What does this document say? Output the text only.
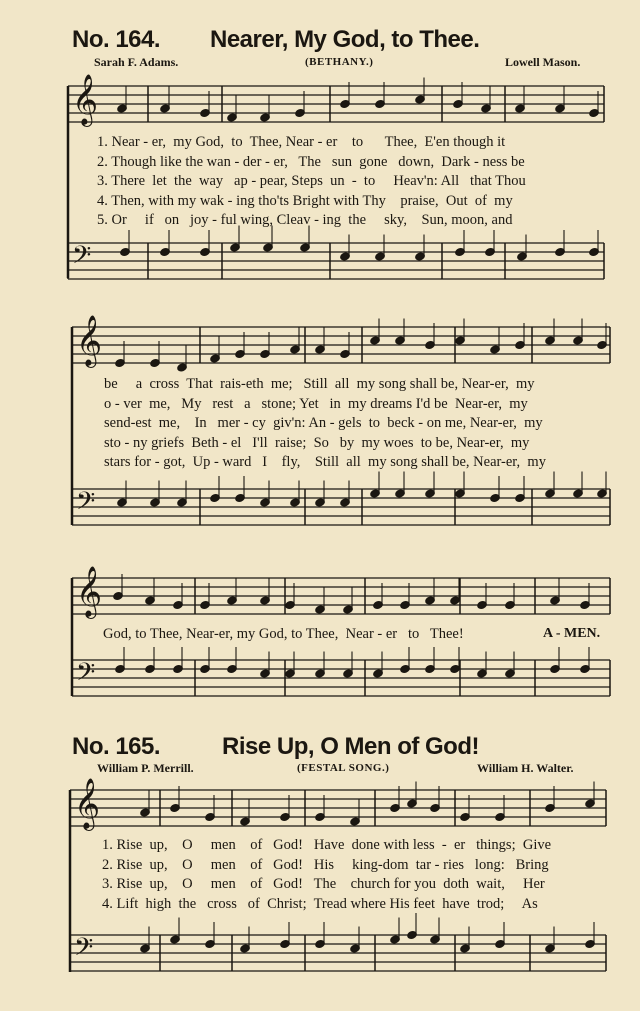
𝄞
𝄢
𝄞
𝄢
𝄞
𝄢
𝄞
𝄢
No. 164. Nearer, My God, to Thee.
Sarah F. Adams.	(BETHANY.)	Lowell Mason.
1. Near - er,  my God,  to  Thee, Near - er    to      Thee,  E'en though it
2. Though like the wan - der - er,   The   sun  gone   down,  Dark - ness be
3. There  let  the  way   ap - pear, Steps  un  -  to     Heav'n: All   that Thou
4. Then, with my wak - ing tho'ts Bright with Thy    praise,  Out  of  my
5. Or     if   on   joy - ful wing, Cleav - ing  the     sky,    Sun, moon, and
be     a  cross  That  rais-eth  me;   Still  all  my song shall be, Near-er,  my
o - ver  me,   My   rest   a   stone; Yet   in  my dreams I'd be  Near-er,  my
send-est  me,    In   mer - cy  giv'n: An - gels  to  beck - on me, Near-er,  my
sto - ny griefs  Beth - el   I'll  raise;  So   by  my woes  to be, Near-er,  my
stars for - got,  Up - ward   I    fly,    Still  all  my song shall be, Near-er,  my
God, to Thee, Near-er, my God, to Thee,  Near - er   to   Thee!	A - MEN.
No. 165.	Rise Up, O Men of God!
William P. Merrill.	(FESTAL SONG.)	William H. Walter.
1. Rise  up,    O     men    of   God!   Have  done with less  -  er   things;  Give
2. Rise  up,    O     men    of   God!   His     king-dom  tar - ries   long:   Bring
3. Rise  up,    O     men    of   God!   The    church for you  doth  wait,     Her
4. Lift  high  the   cross   of  Christ;  Tread where His feet  have  trod;     As
